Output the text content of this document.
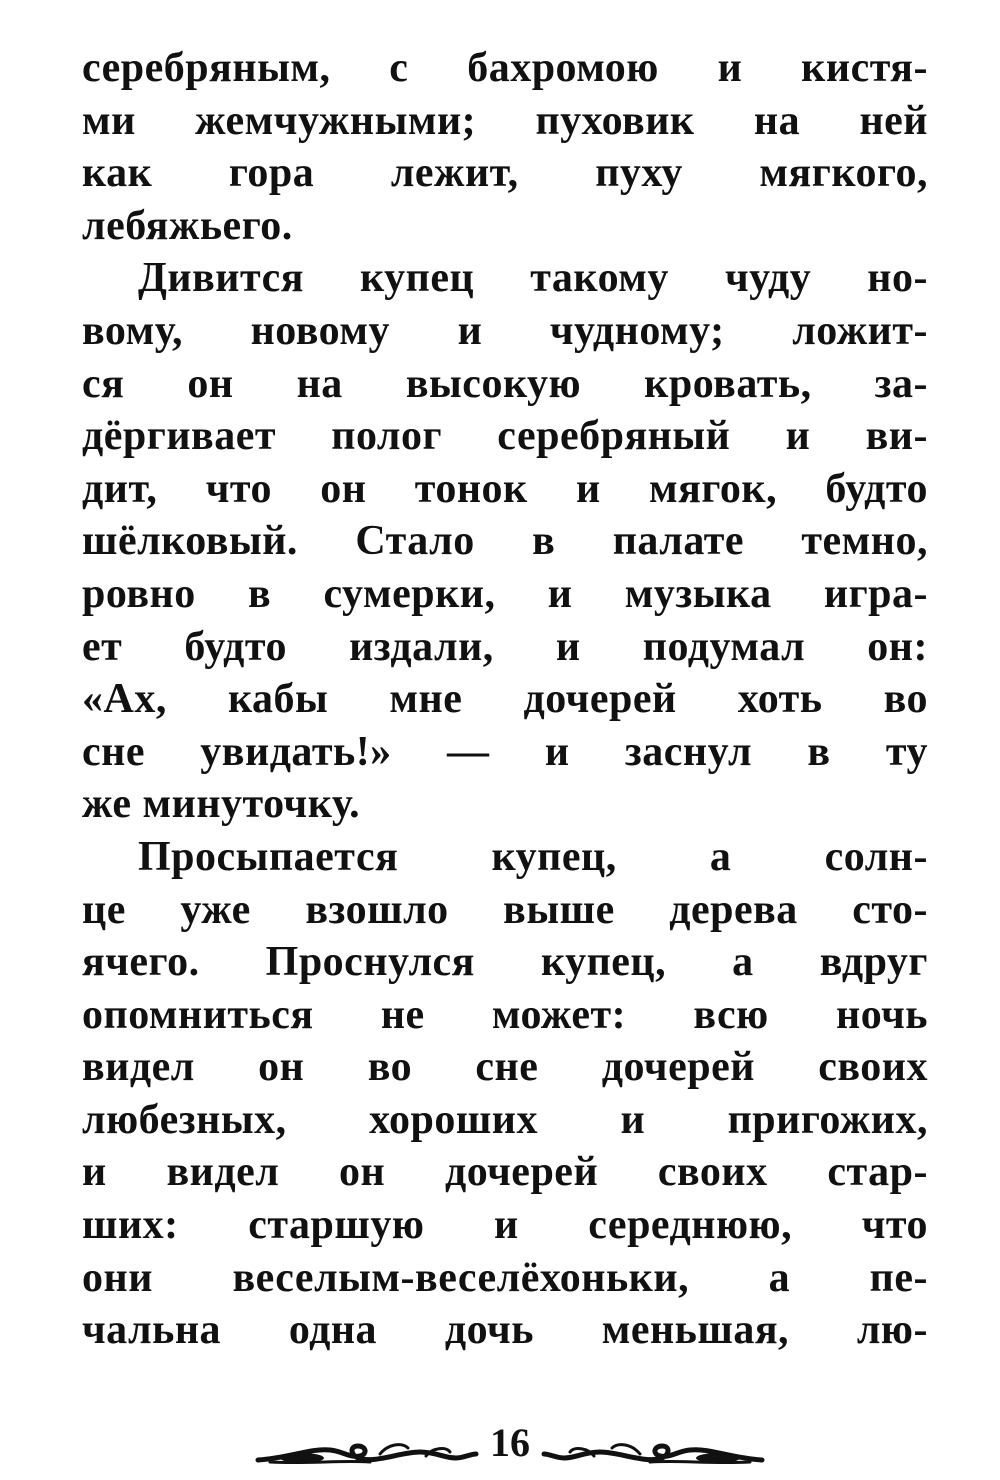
серебряным, с бахромою и кистя-
ми жемчужными; пуховик на ней
как гора лежит, пуху мягкого,
лебяжьего.
Дивится купец такому чуду но-
вому, новому и чудному; ложит-
ся он на высокую кровать, за-
дёргивает полог серебряный и ви-
дит, что он тонок и мягок, будто
шёлковый. Стало в палате темно,
ровно в сумерки, и музыка игра-
ет будто издали, и подумал он:
«Ах, кабы мне дочерей хоть во
сне увидать!» — и заснул в ту
же минуточку.
Просыпается купец, а солн-
це уже взошло выше дерева сто-
ячего. Проснулся купец, а вдруг
опомниться не может: всю ночь
видел он во сне дочерей своих
любезных, хороших и пригожих,
и видел он дочерей своих стар-
ших: старшую и середнюю, что
они веселым-веселёхоньки, а пе-
чальна одна дочь меньшая, лю-
16
